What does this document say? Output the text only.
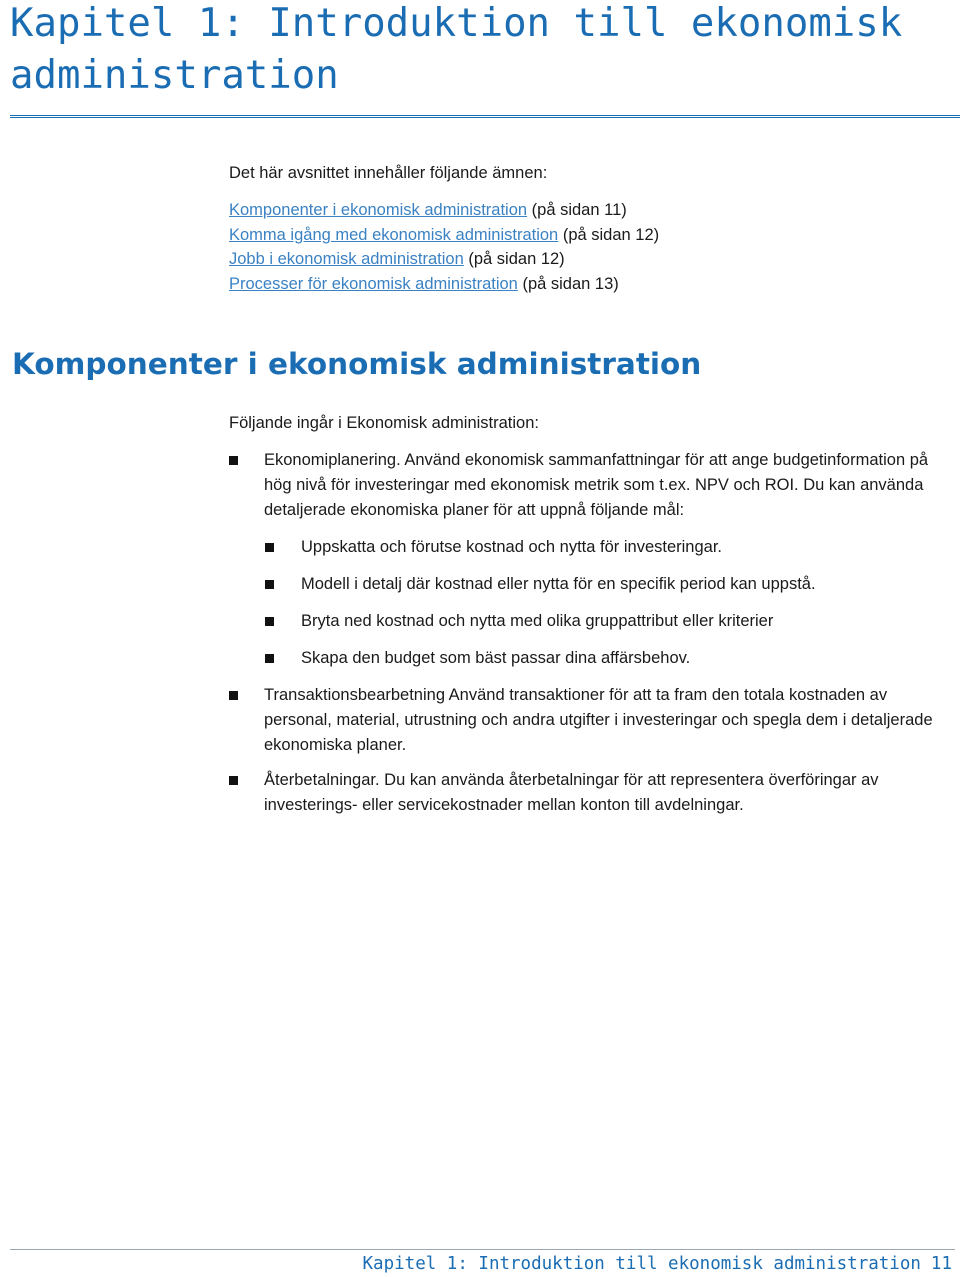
Kapitel 1: Introduktion till ekonomisk administration
Det här avsnittet innehåller följande ämnen:
Komponenter i ekonomisk administration (på sidan 11)
Komma igång med ekonomisk administration (på sidan 12)
Jobb i ekonomisk administration (på sidan 12)
Processer för ekonomisk administration (på sidan 13)
Komponenter i ekonomisk administration
Följande ingår i Ekonomisk administration:
Ekonomiplanering. Använd ekonomisk sammanfattningar för att ange budgetinformation på hög nivå för investeringar med ekonomisk metrik som t.ex. NPV och ROI. Du kan använda detaljerade ekonomiska planer för att uppnå följande mål:
Uppskatta och förutse kostnad och nytta för investeringar.
Modell i detalj där kostnad eller nytta för en specifik period kan uppstå.
Bryta ned kostnad och nytta med olika gruppattribut eller kriterier
Skapa den budget som bäst passar dina affärsbehov.
Transaktionsbearbetning Använd transaktioner för att ta fram den totala kostnaden av personal, material, utrustning och andra utgifter i investeringar och spegla dem i detaljerade ekonomiska planer.
Återbetalningar. Du kan använda återbetalningar för att representera överföringar av investerings- eller servicekostnader mellan konton till avdelningar.
Kapitel 1: Introduktion till ekonomisk administration 11
